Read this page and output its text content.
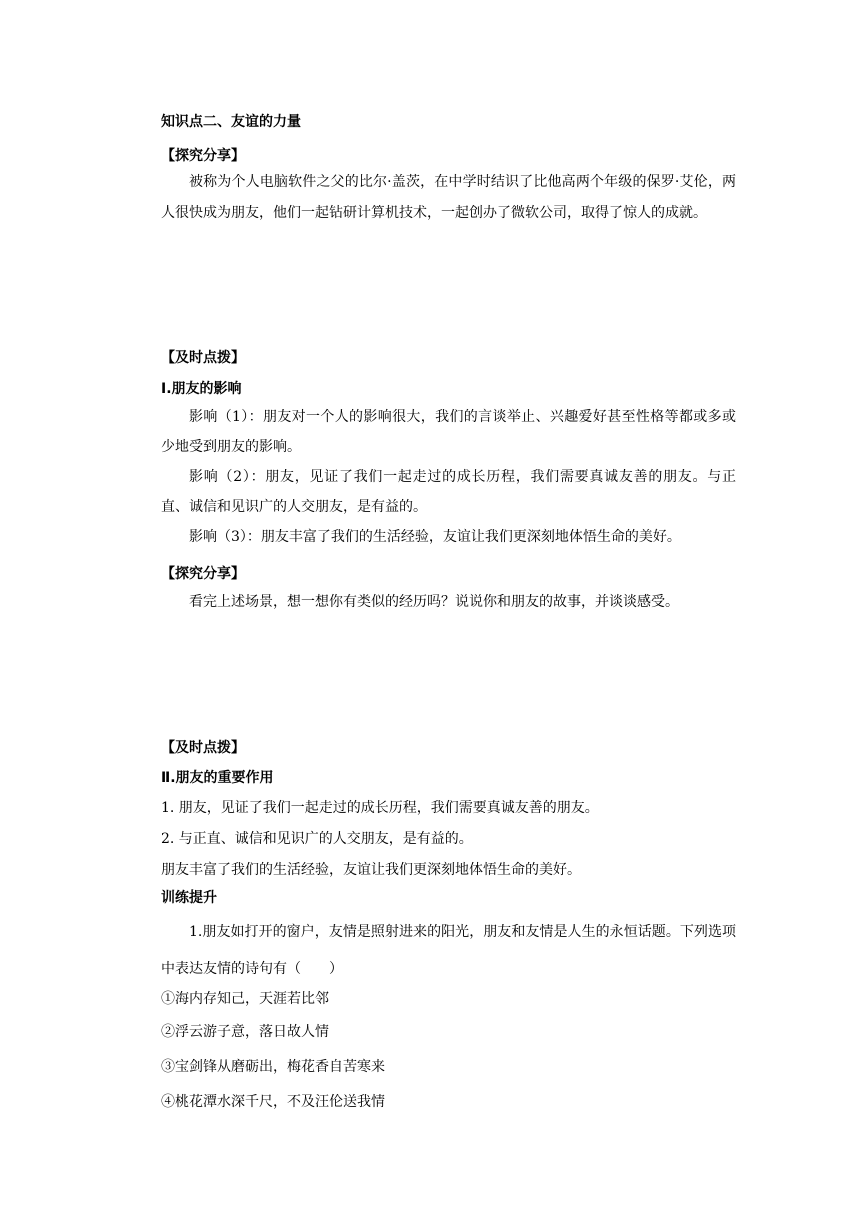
知识点二、友谊的力量
【探究分享】

被称为个人电脑软件之父的比尔·盖茨，在中学时结识了比他高两个年级的保罗·艾伦，两人很快成为朋友，他们一起钻研计算机技术，一起创办了微软公司，取得了惊人的成就。

【及时点拨】
Ⅰ.朋友的影响

影响（1）：朋友对一个人的影响很大，我们的言谈举止、兴趣爱好甚至性格等都或多或少地受到朋友的影响。

影响（2）：朋友，见证了我们一起走过的成长历程，我们需要真诚友善的朋友。与正直、诚信和见识广的人交朋友，是有益的。

影响（3）：朋友丰富了我们的生活经验，友谊让我们更深刻地体悟生命的美好。

【探究分享】

看完上述场景，想一想你有类似的经历吗？说说你和朋友的故事，并谈谈感受。

【及时点拨】
Ⅱ.朋友的重要作用
1. 朋友，见证了我们一起走过的成长历程，我们需要真诚友善的朋友。
2. 与正直、诚信和见识广的人交朋友，是有益的。
朋友丰富了我们的生活经验，友谊让我们更深刻地体悟生命的美好。
训练提升

1.朋友如打开的窗户，友情是照射进来的阳光，朋友和友情是人生的永恒话题。下列选项中表达友情的诗句有（　　）

①海内存知己，天涯若比邻
②浮云游子意，落日故人情
③宝剑锋从磨砺出，梅花香自苦寒来
④桃花潭水深千尺，不及汪伦送我情
